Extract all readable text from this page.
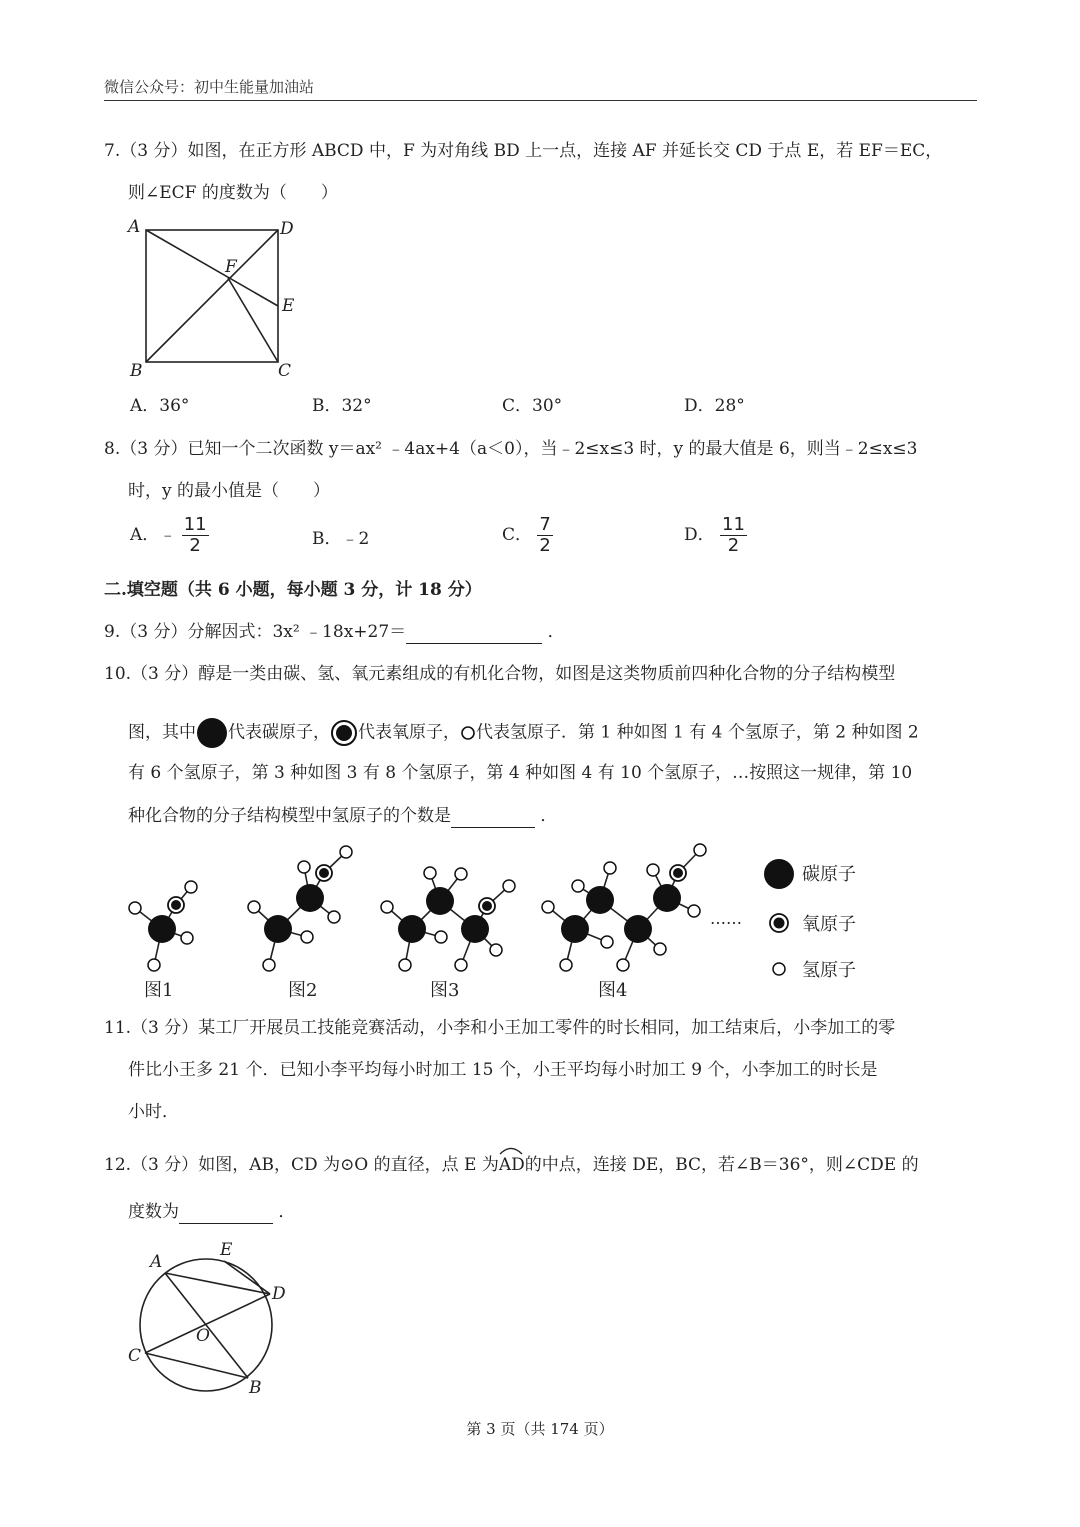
微信公众号：初中生能量加油站
7.（3 分）如图，在正方形 ABCD 中，F 为对角线 BD 上一点，连接 AF 并延长交 CD 于点 E，若 EF＝EC，
则∠ECF 的度数为（　　）
A	D
F
E
B	C
A．36°	B．32°	C．30°	D．28°
8.（3 分）已知一个二次函数 y＝ax² ﹣4ax+4（a＜0），当﹣2≤x≤3 时，y 的最大值是 6，则当﹣2≤x≤3
时，y 的最小值是（　　）
A．﹣ $\frac{11}{2}$	B．﹣2	C． $\frac{7}{2}$	D． $\frac{11}{2}$
二.填空题（共 6 小题，每小题 3 分，计 18 分）
9.（3 分）分解因式：3x² ﹣18x+27＝	．
10.（3 分）醇是一类由碳、氢、氧元素组成的有机化合物，如图是这类物质前四种化合物的分子结构模型
图，其中 代表碳原子， 代表氧原子， 代表氢原子．第 1 种如图 1 有 4 个氢原子，第 2 种如图 2
有 6 个氢原子，第 3 种如图 3 有 8 个氢原子，第 4 种如图 4 有 10 个氢原子，…按照这一规律，第 10
种化合物的分子结构模型中氢原子的个数是	．
图1	图2	图3	图4
……
碳原子
氧原子
氢原子
11.（3 分）某工厂开展员工技能竞赛活动，小李和小王加工零件的时长相同，加工结束后，小李加工的零
件比小王多 21 个．已知小李平均每小时加工 15 个，小王平均每小时加工 9 个，小李加工的时长是
小时．
12.（3 分）如图，AB，CD 为⊙O 的直径，点 E 为
AD的中点，连接 DE，BC，若∠B＝36°，则∠CDE 的
度数为	．
A
E
D
O
C
B
第 3 页（共 174 页）
